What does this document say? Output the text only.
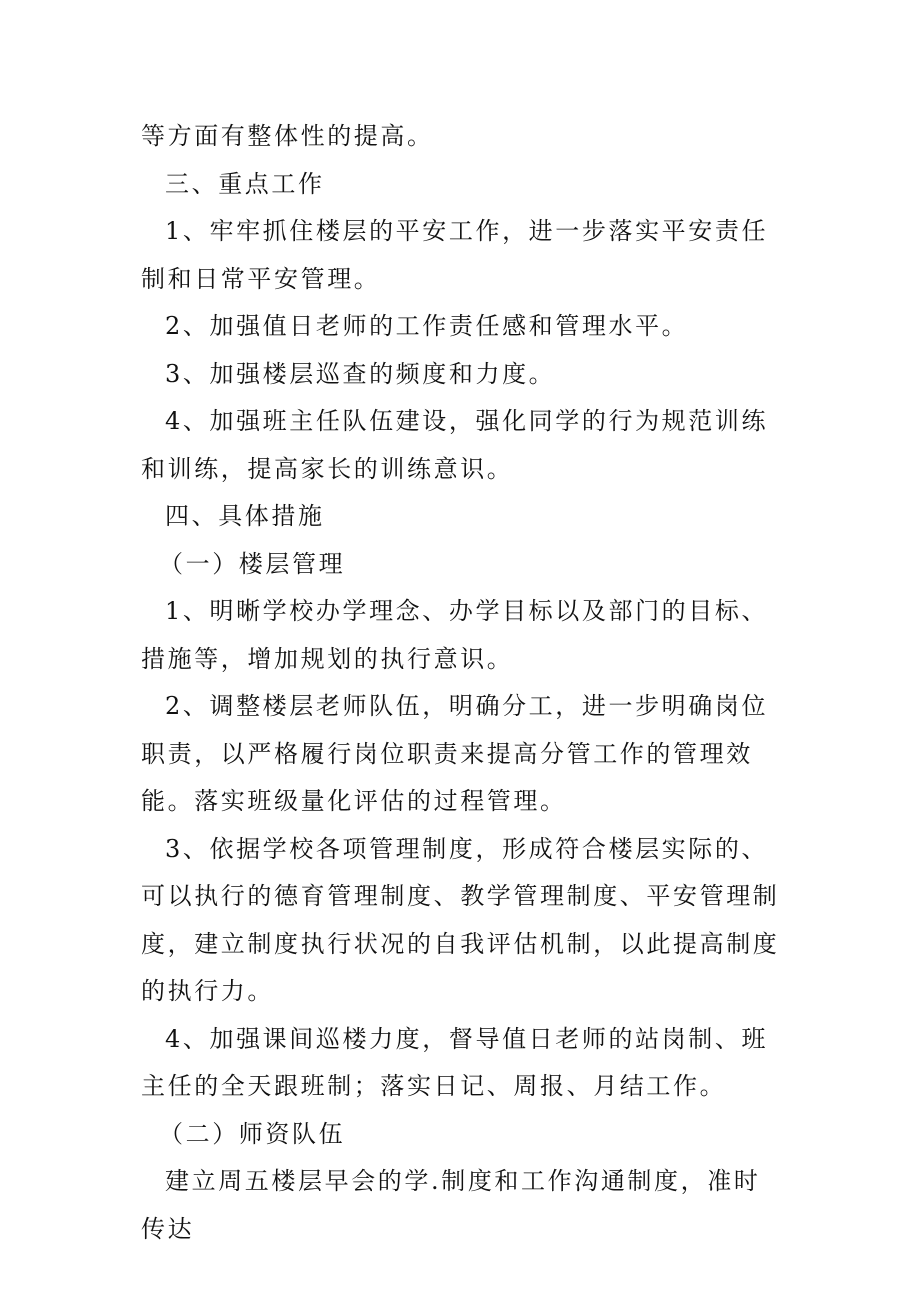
等方面有整体性的提高。

三、重点工作

1、牢牢抓住楼层的平安工作，进一步落实平安责任制和日常平安管理。

2、加强值日老师的工作责任感和管理水平。

3、加强楼层巡查的频度和力度。

4、加强班主任队伍建设，强化同学的行为规范训练和训练，提高家长的训练意识。

四、具体措施

（一）楼层管理

1、明晰学校办学理念、办学目标以及部门的目标、措施等，增加规划的执行意识。

2、调整楼层老师队伍，明确分工，进一步明确岗位职责，以严格履行岗位职责来提高分管工作的管理效能。落实班级量化评估的过程管理。

3、依据学校各项管理制度，形成符合楼层实际的、可以执行的德育管理制度、教学管理制度、平安管理制度，建立制度执行状况的自我评估机制，以此提高制度的执行力。

4、加强课间巡楼力度，督导值日老师的站岗制、班主任的全天跟班制；落实日记、周报、月结工作。

（二）师资队伍

建立周五楼层早会的学.制度和工作沟通制度，准时传达
